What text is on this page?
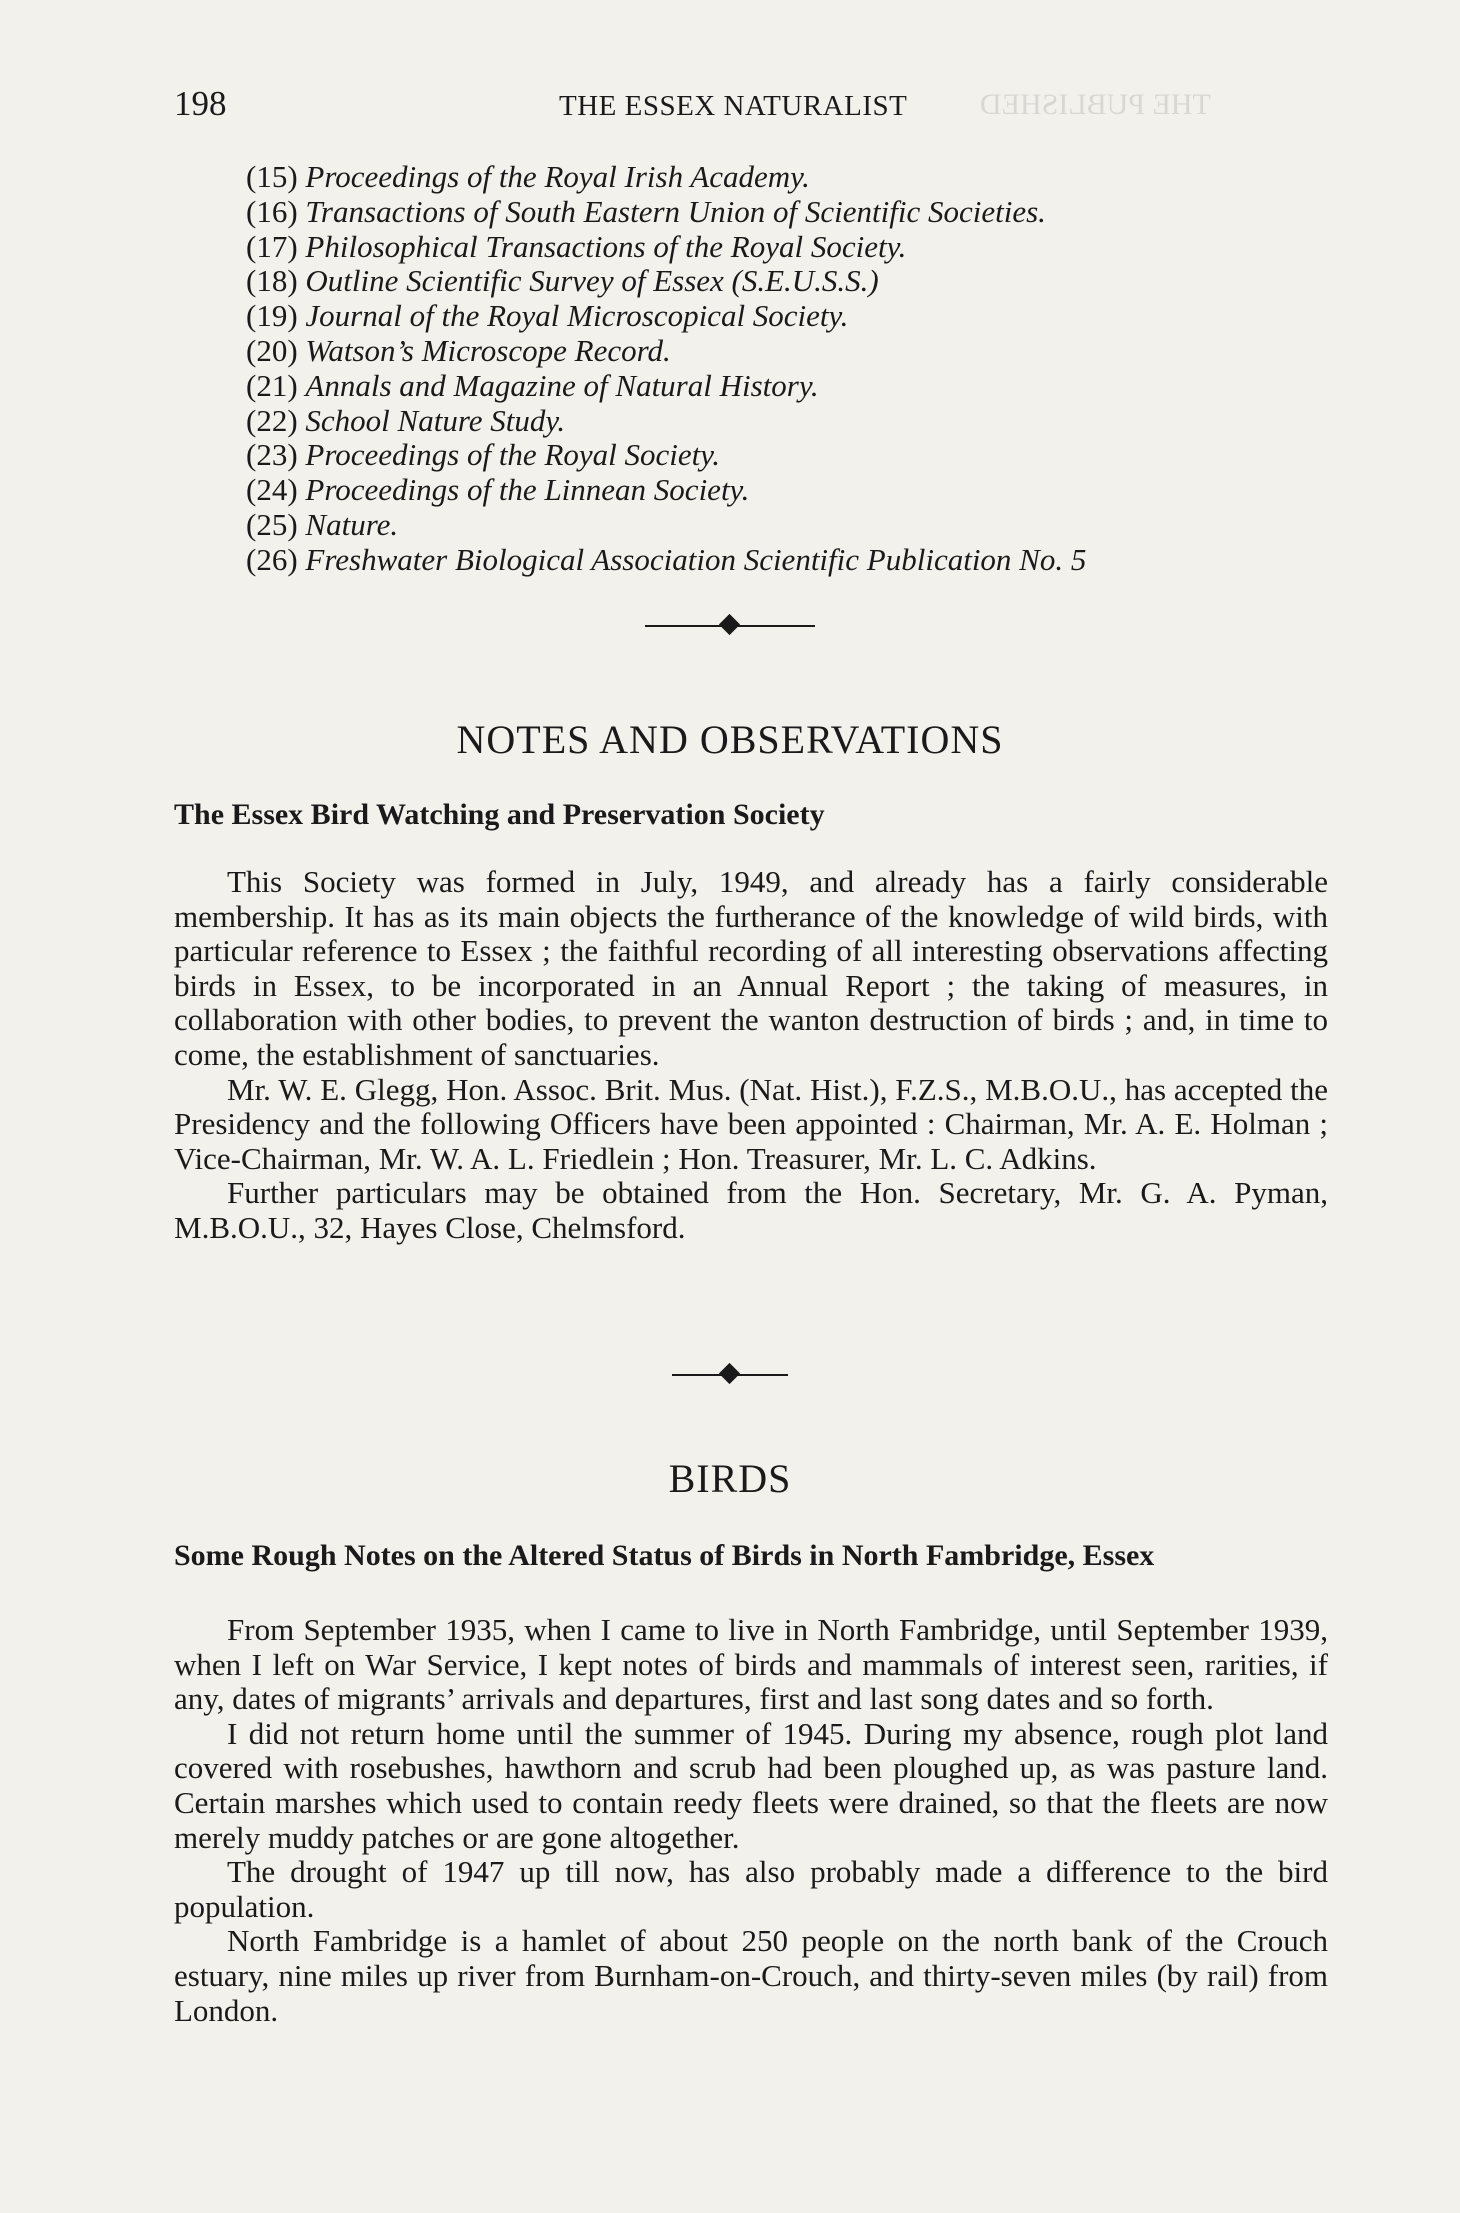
THE PUBLISHED
198	THE ESSEX NATURALIST
(15) Proceedings of the Royal Irish Academy.
(16) Transactions of South Eastern Union of Scientific Societies.
(17) Philosophical Transactions of the Royal Society.
(18) Outline Scientific Survey of Essex (S.E.U.S.S.)
(19) Journal of the Royal Microscopical Society.
(20) Watson’s Microscope Record.
(21) Annals and Magazine of Natural History.
(22) School Nature Study.
(23) Proceedings of the Royal Society.
(24) Proceedings of the Linnean Society.
(25) Nature.
(26) Freshwater Biological Association Scientific Publication No. 5
NOTES AND OBSERVATIONS
The Essex Bird Watching and Preservation Society

This Society was formed in July, 1949, and already has a fairly considerable membership. It has as its main objects the furtherance of the knowledge of wild birds, with particular reference to Essex ; the faithful recording of all interesting observations affecting birds in Essex, to be incorporated in an Annual Report ; the taking of measures, in collaboration with other bodies, to prevent the wanton destruction of birds ; and, in time to come, the establishment of sanctuaries.

Mr. W. E. Glegg, Hon. Assoc. Brit. Mus. (Nat. Hist.), F.Z.S., M.B.O.U., has accepted the Presidency and the following Officers have been appointed : Chairman, Mr. A. E. Holman ; Vice-Chairman, Mr. W. A. L. Friedlein ; Hon. Treasurer, Mr. L. C. Adkins.

Further particulars may be obtained from the Hon. Secretary, Mr. G. A. Pyman, M.B.O.U., 32, Hayes Close, Chelmsford.

BIRDS
Some Rough Notes on the Altered Status of Birds in North Fambridge, Essex

From September 1935, when I came to live in North Fambridge, until September 1939, when I left on War Service, I kept notes of birds and mammals of interest seen, rarities, if any, dates of migrants’ arrivals and departures, first and last song dates and so forth.

I did not return home until the summer of 1945. During my absence, rough plot land covered with rosebushes, hawthorn and scrub had been ploughed up, as was pasture land. Certain marshes which used to contain reedy fleets were drained, so that the fleets are now merely muddy patches or are gone altogether.

The drought of 1947 up till now, has also probably made a difference to the bird population.

North Fambridge is a hamlet of about 250 people on the north bank of the Crouch estuary, nine miles up river from Burnham-on-Crouch, and thirty-seven miles (by rail) from London.
